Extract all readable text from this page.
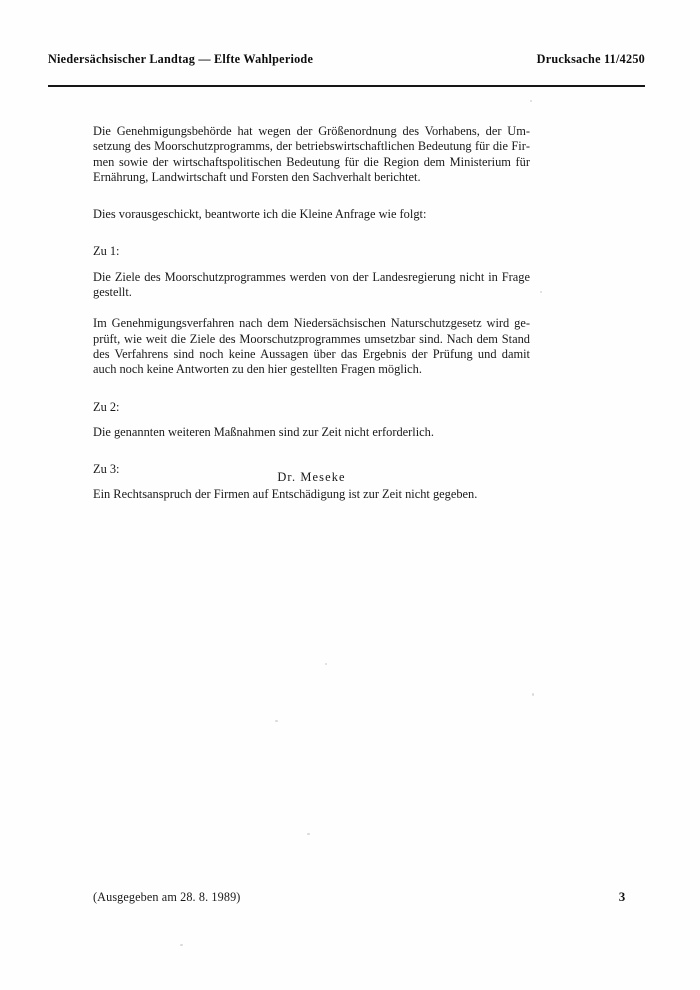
Niedersächsischer Landtag — Elfte Wahlperiode	Drucksache 11/4250

Die Genehmigungsbehörde hat wegen der Größenordnung des Vorhabens, der Umsetzung des Moorschutzprogramms, der betriebswirtschaftlichen Bedeutung für die Firmen sowie der wirtschaftspolitischen Bedeutung für die Region dem Ministerium für Ernährung, Landwirtschaft und Forsten den Sachverhalt berichtet.

Dies vorausgeschickt, beantworte ich die Kleine Anfrage wie folgt:

Zu 1:

Die Ziele des Moorschutzprogrammes werden von der Landesregierung nicht in Frage gestellt.

Im Genehmigungsverfahren nach dem Niedersächsischen Naturschutzgesetz wird geprüft, wie weit die Ziele des Moorschutzprogrammes umsetzbar sind. Nach dem Stand des Verfahrens sind noch keine Aussagen über das Ergebnis der Prüfung und damit auch noch keine Antworten zu den hier gestellten Fragen möglich.

Zu 2:

Die genannten weiteren Maßnahmen sind zur Zeit nicht erforderlich.

Zu 3:

Ein Rechtsanspruch der Firmen auf Entschädigung ist zur Zeit nicht gegeben.

Dr. Meseke
(Ausgegeben am 28. 8. 1989)	3
